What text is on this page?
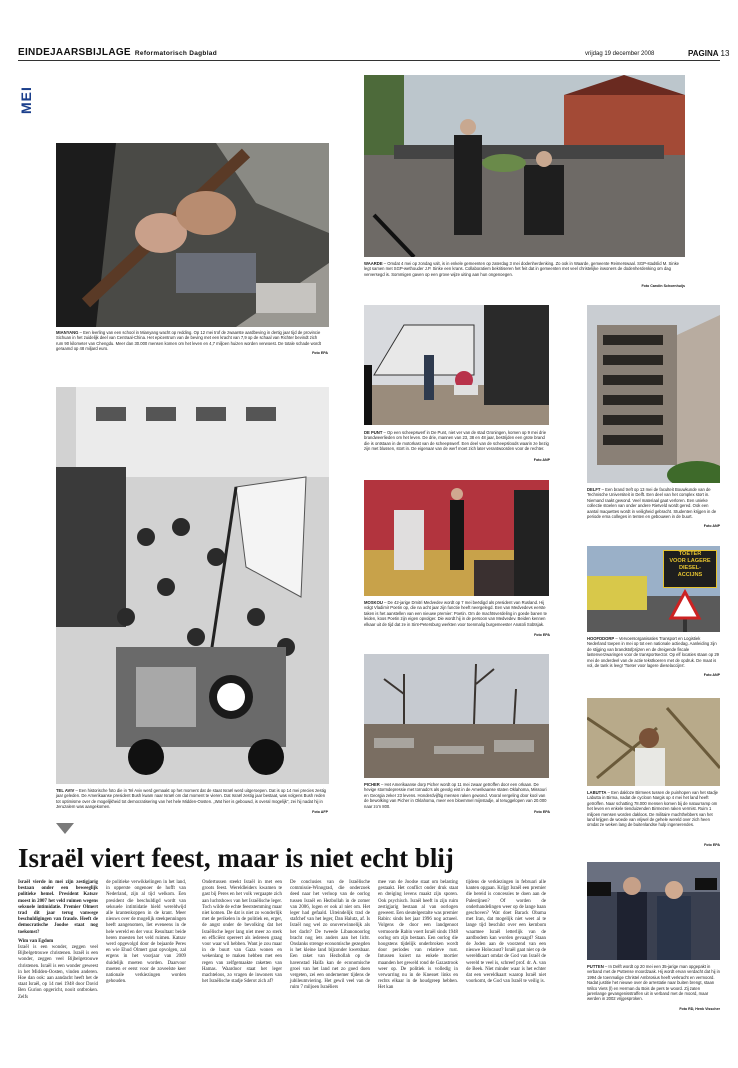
EINDEJAARSBIJLAGE Reformatorisch Dagblad	vrijdag 19 december 2008	PAGINA 13
MEI
MIANYANG – Een leerling van een school in Mianyang wacht op redding. Op 12 mei trof de zwaarste aardbeving in dertig jaar tijd de provincie Sichuan in het zuidelijk deel van Centraal-China. Het epicentrum van de beving met een kracht van 7,9 op de schaal van Richter bevindt zich rum 90 kilometer van Chengdu. Meer dan 30.000 mensen komen om het leven en 4,7 miljoen huizen worden verwoest. De totale schade wordt geraamd op 48 miljard euro.
Foto EPA
WAARDE – Omdat 4 mei op zondag valt, is in enkele gemeenten op zaterdag 3 mei dodenherdenking. Zo ook in Waarde, gemeente Reimerswaal. SGP-stadslid M. Sinke legt samen met SGP-wethouder J.P. Sinke een krans. Collaboratiem bekritiseren het feit dat in gemeenten met veel christelijke inwoners de dodenherdenking om dag verversegd is. Sommigen gaven op een grove wijze uiting aan hun ongenoegen.
Foto Carolin Schoenhuijs
DE PUNT – Op een scheepswerf in De Punt, niet ver van de stad Groningen, komen op 9 mei drie brandweerlieden om het leven. De drie, mannen van 23, 38 en 48 jaar, bestrijden een grote brand die is ontstaan in de motorkast van de scheepswerf. Een deel van de scheepsloods waarin ze bezig zijn met blussen, stort in. De eigenaar van de werf moet zich later verantwoorden voor de rechter.
Foto ANP
DELFT – Een brand treft op 13 mei de faculteit Bouwkunde van de Technische Universiteit in Delft. Een deel van het complex stort in. Niemand raakt gewond. Veel materiaal gaat verloren. Een unieke collectie stoelen van onder andere Rietveld wordt gered. Ook een aantal maquettes wordt in veiligheid gebracht. Studenten krijgen in de periode erna colleges in tenten en gebouwen in de buurt.
Foto ANP
MOSKOU – De 42-jarige Dmitri Medvedev wordt op 7 mei beëdigd als president van Rusland. Hij volgt Vladimir Poetin op, die na acht jaar zijn functie heeft neergelegd. Een van Medvedevs eerste taken is het aanstellen van een nieuwe premier: Poetin. Om de machtsverdeling in goede banen te leiden, koos Poetin zijn eigen opvolger. Die wordt hij in de persoon van Medvedev. Beiden kennen elkaar uit de tijd dat ze in Sint-Petersburg werkten voor toenmalig burgemeester Anatoli Sobtsjak.
Foto EPA
TOETER
VOOR LAGERE
DIESEL-
ACCIJNS
HOOFDDORP – Vervoersorganisaties Transport en Logistiek Nederland toepen in mei op tot een nationale actiedag. Aanleiding zijn de stijging van brandstofprijzen en de dreigende fiscale lastenverzwaringen voor de transportsector. Op elf locaties staan op 29 mei de onderdeel van de actie tekstkoeren met de opdruk. De maat is vol, de tank is leeg! 'Toeter voor lagere dieselaccijns'.
Foto ANP
PICHER – Het Amerikaanse dorp Picher wordt op 11 mei zwaar getroffen door een orkaan. De hevige stormdepressie met tornado's als gevolg eist in de Amerikaanse staten Oklahoma, Missouri en Georgia zeker 23 levens. Honderdvijftig mensen raken gewond. Vooral vergeling door kool van de bewolking van Picher in Oklahoma, meer een bloemmel mijnstadje, al teruggelopen van 20.000 naar zo'n 800.
Foto EPA
LABUTTA – Een dakloze Birmees tussen de puinhopen van het stadje Labutta in Birma, nadat de cycloon Nargis op 4 mei het land heeft getroffen. Naar schatting 78.000 mensen komen bij de natuurramp om het leven en enkele tienduizenden Birmezen raken vermist. Ruim 1 miljoen mensen worden dakloos. De militaire machthebbers van het land krijgen de woede van vrijwel de gehele wereld over zich heen omdat ze weken lang de buitenlandse hulp ingenerendes.
Foto EPA
TEL AVIV – Een historische foto die in Tel Aviv werd gemaakt op het moment dat de staat Israël werd uitgeroepen. Dat is op 14 mei precies zestig jaar geleden. De Amerikaanse president Bush kwam naar Israël om dat moment te vieren. Dat Israël zestig jaar bestaat, was volgens Bush reden tot optimisme over de mogelijkheid tot democratisering van het hele Midden-Oosten. „Wat hier is gebouwd, is overal mogelijk”, zei hij nadat hij in Jeruzalem was aangekomen.
Foto AFP
PUTTEN – In Delft wordt op 20 mei een 35-jarige man opgepakt in verband met de Puttense moordzaak. Hij wordt ervan verdacht dat hij in 1994 de toenmalige Christel Ambrosius heeft verkracht en vermoord. Nadat justitie het nieuwe over de arrestatie naar buiten brengt, staan Wilco Viets (l) en Herman du Bois de pers te woord. Zij zaten jarenlange gevangenisstraffen uit in verband met de moord, maar werden in 2002 vrijgesproken.
Foto RD, Henk Visscher
Israël viert feest, maar is niet echt blij

Israël vierde in mei zijn zestigjarig bestaan onder een beweeglijk politieke hemel. President Katsav moest in 2007 het veld ruimen wegens seksuele intimidatie. Premier Olmert trad dit jaar terug vanwege beschuldigingen van fraude. Heeft de democratische Joodse staat nog toekomst?

Wim van Egdom

Israël is een wonder, zeggen veel Bijbelgetrouwe christenen. Israël is een wonder, zeggen veel Bijbelgetrouwe christenen. Israël is een wonder geweest in het Midden-Oosten, vinden anderen. Hoe dan ook: aan aandacht heeft het de staat Israël, op 14 mei 1948 door David Ben Gurion opgericht, nooit ontbroken. Zelfs

de politieke verwikkelingen in het land, in opperste ongenoer de hofft van Nederland, zijn al tijd welkom. Een president die beschuldigd wordt van seksuele intimidatie hield wereldwijd alle krantenkoppen in de krant. Meer nieuws over de mogelijk steekpenningen heeft aangenomen, liet eveneens in de hele wereld en der vuur. Resultaat: beide heren moesten het veld ruimen. Katsav werd opgevolgd door de bejaarde Peres en wie Ehud Olmert gaat opvolgen, zal ergens in het voorjaar van 2009 duidelijk moeten worden. Daarvoor moeten er eerst voor de zoveelste keer nationale verkiezingen worden gehouden.

Ondertussen steekt Israël in met een groots feest. Wereldleiders kwamen te gast bij Peres en het volk vergaapte zich aan luchtshows van het Israëlische leger. Toch wilde de echte feeststemming maar niet komen. De dat is niet zo wonderlijk met de perikelen in de politiek en, erger, de angst onder de bevolking dat het Israëlische leger lang niet meer zo sterk en efficiënt opereert als iedereen graag voor waar wil hebben. Want je zou maar in de buurt van Gaza wonen en wekenlang te maken hebben met een regen van zelfgemaakte raketten van Hamas. Waardoor staat het leger machteloos, zo vragen de inwoners van het Israëlische stadje Sderot zich af?

De conclusies van de Israëlische commissie-Winograd, die onderzoek deed naar het verloop van de oorlog tussen Israël en Hezbollah in de zomer van 2006, logen er ook al niet om. Het leger had gefaald. Uiteindelijk trad de stafchef van het leger, Dan Halutz, af. Is Israël nog wel zo onoverwinnelijk als het dacht? De tweede Libanonoorlog bracht nog iets anders aan het licht. Onslanks strenge economische gezegden is het kleine land bijzonder kwetsbaar. Een raket van Hezbollah op de havenstad Haifa kan de economische groei van het land net zo goed doen vergeten, zei een ondernemer tijdens de jubileumviering. Het gewil veel van de ruim 7 miljoen Israëliers

mee van de Joodse staat om belasting gestaakt. Het conflict onder druk staat en dreiging levens maakt zijn sporen. Ook psychisch. Israël heeft in zijn ruim zestigjarig bestaan al van oorlogen geweest. Een sleutelgestalte was premier Rabin: sinds het jaar 1996 nog actueel. Volgens de door een landgenoot vermoorde Rabin voert Israël sinds 1948 oorlog om zijn bestaan. Een oorlog die hoogstens tijdelijk onderbroken wordt door periodes van relatieve rust. Intussen kuiert na enkele mortier maanden het geweld rond de Gazastrook weer op. De politiek is volledig in verwarring nu in de Knesset links en rechts elkaar in de houdgreep hebben. Het kan

tijdens de verkiezingen in februari alle kanten opgaan. Krijgt Israël een premier die bereid is concessies te doen aan de Palestijnen? Of worden de onderhandelingen weer op de lange baan geschoven? Wat doet Barack Obama met Iran, dat mogelijk niet weet al te lange tijd beschikt over een kernbom waarmee Israël letterlijk van de aardbodem kan worden gevaagd? Staan de Joden aan de voorzend van een nieuwe Holocaust? Israël gaat niet op de wereldkaart omdat de God van Israël de wereld te veel is, schreef prof. dr. A. van de Beek. Niet minder waar is het echter dat een wereldkaart waarop Israël niet voorkomt, de God van Israël te veilig is.
